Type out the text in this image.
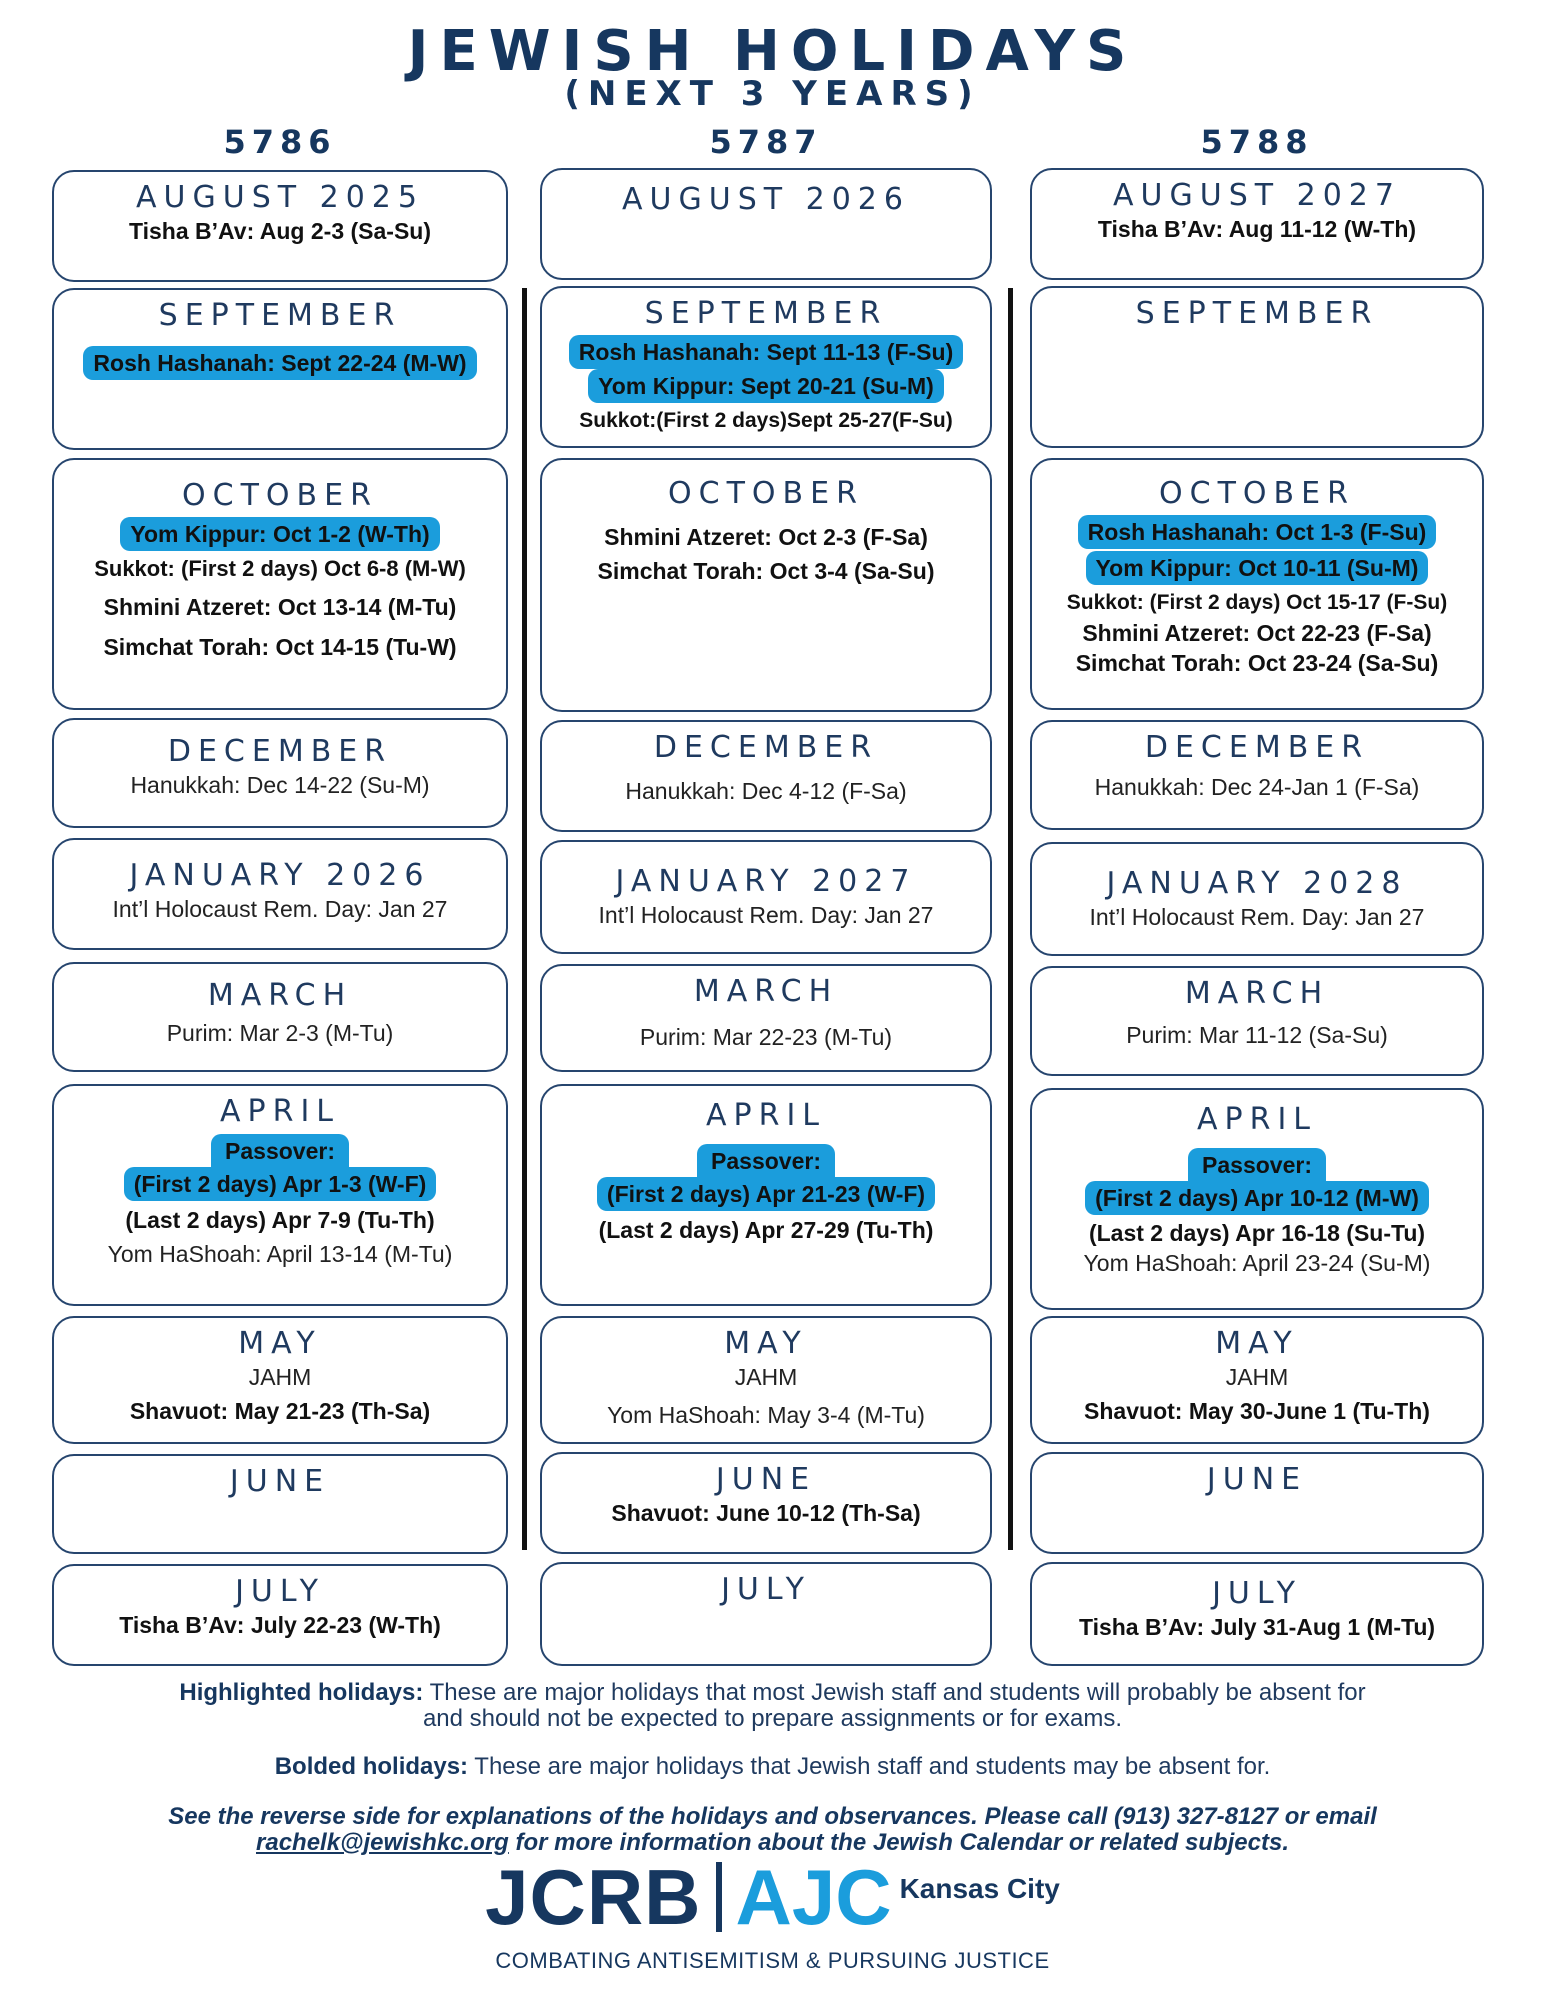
JEWISH HOLIDAYS
(NEXT 3 YEARS)
5786
AUGUST 2025
Tisha B’Av: Aug 2-3 (Sa-Su)
SEPTEMBER
Rosh Hashanah: Sept 22-24 (M-W)
OCTOBER
Yom Kippur: Oct 1-2 (W-Th)
Sukkot: (First 2 days) Oct 6-8 (M-W)
Shmini Atzeret: Oct 13-14 (M-Tu)
Simchat Torah: Oct 14-15 (Tu-W)
DECEMBER
Hanukkah: Dec 14-22 (Su-M)
JANUARY 2026
Int’l Holocaust Rem. Day: Jan 27
MARCH
Purim: Mar 2-3 (M-Tu)
APRIL
Passover:
(First 2 days) Apr 1-3 (W-F)
(Last 2 days) Apr 7-9 (Tu-Th)
Yom HaShoah: April 13-14 (M-Tu)
MAY
JAHM
Shavuot: May 21-23 (Th-Sa)
JUNE
JULY
Tisha B’Av: July 22-23 (W-Th)
5787
AUGUST 2026
SEPTEMBER
Rosh Hashanah: Sept 11-13 (F-Su)
Yom Kippur: Sept 20-21 (Su-M)
Sukkot:(First 2 days)Sept 25-27(F-Su)
OCTOBER
Shmini Atzeret: Oct 2-3 (F-Sa)
Simchat Torah: Oct 3-4 (Sa-Su)
DECEMBER
Hanukkah: Dec 4-12 (F-Sa)
JANUARY 2027
Int’l Holocaust Rem. Day: Jan 27
MARCH
Purim: Mar 22-23 (M-Tu)
APRIL
Passover:
(First 2 days) Apr 21-23 (W-F)
(Last 2 days) Apr 27-29 (Tu-Th)
MAY
JAHM
Yom HaShoah: May 3-4 (M-Tu)
JUNE
Shavuot: June 10-12 (Th-Sa)
JULY
5788
AUGUST 2027
Tisha B’Av: Aug 11-12 (W-Th)
SEPTEMBER
OCTOBER
Rosh Hashanah: Oct 1-3 (F-Su)
Yom Kippur: Oct 10-11 (Su-M)
Sukkot: (First 2 days) Oct 15-17 (F-Su)
Shmini Atzeret: Oct 22-23 (F-Sa)
Simchat Torah: Oct 23-24 (Sa-Su)
DECEMBER
Hanukkah: Dec 24-Jan 1 (F-Sa)
JANUARY 2028
Int’l Holocaust Rem. Day: Jan 27
MARCH
Purim: Mar 11-12 (Sa-Su)
APRIL
Passover:
(First 2 days) Apr 10-12 (M-W)
(Last 2 days) Apr 16-18 (Su-Tu)
Yom HaShoah: April 23-24 (Su-M)
MAY
JAHM
Shavuot: May 30-June 1 (Tu-Th)
JUNE
JULY
Tisha B’Av: July 31-Aug 1 (M-Tu)
Highlighted holidays: These are major holidays that most Jewish staff and students will probably be absent for
and should not be expected to prepare assignments or for exams.
Bolded holidays: These are major holidays that Jewish staff and students may be absent for.
See the reverse side for explanations of the holidays and observances. Please call (913) 327-8127 or email
rachelk@jewishkc.org for more information about the Jewish Calendar or related subjects.
JCRB AJC Kansas City
COMBATING ANTISEMITISM & PURSUING JUSTICE
